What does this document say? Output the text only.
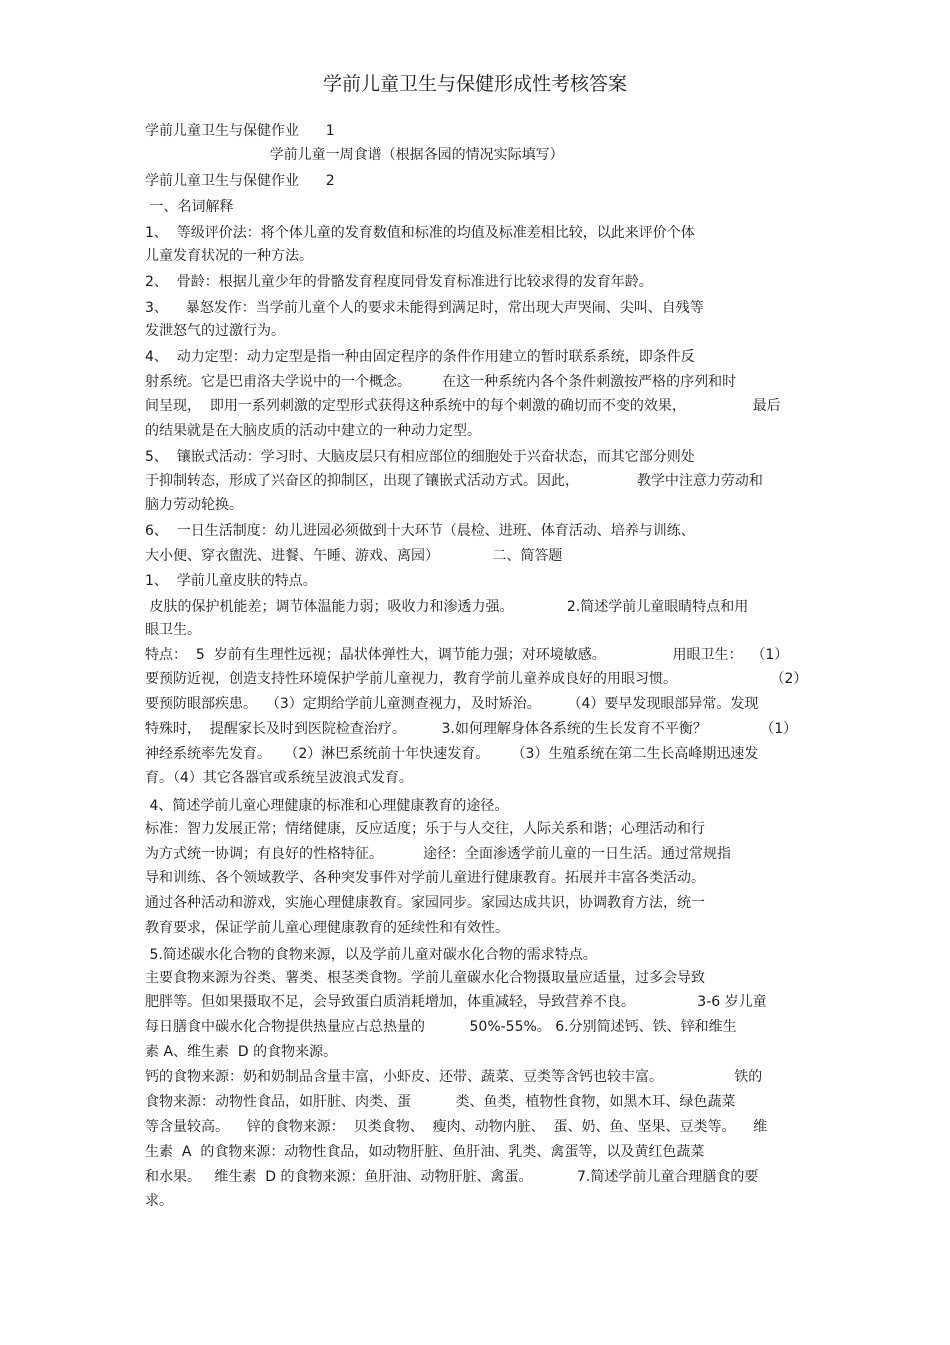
学前儿童卫生与保健形成性考核答案
学前儿童卫生与保健作业      1
学前儿童一周食谱（根据各园的情况实际填写）
学前儿童卫生与保健作业      2
一、名词解释
1、  等级评价法：将个体儿童的发育数值和标准的均值及标准差相比较，以此来评价个体
儿童发育状况的一种方法。
2、  骨龄：根据儿童少年的骨骼发育程度同骨发育标准进行比较求得的发育年龄。
3、    暴怒发作：当学前儿童个人的要求未能得到满足时，常出现大声哭闹、尖叫、自残等
发泄怒气的过激行为。
4、  动力定型：动力定型是指一种由固定程序的条件作用建立的暂时联系系统，即条件反
射系统。它是巴甫洛夫学说中的一个概念。       在这一种系统内各个条件刺激按严格的序列和时
间呈现，  即用一系列刺激的定型形式获得这种系统中的每个刺激的确切而不变的效果，               最后
的结果就是在大脑皮质的活动中建立的一种动力定型。
5、  镶嵌式活动：学习时、大脑皮层只有相应部位的细胞处于兴奋状态，而其它部分则处
于抑制转态，形成了兴奋区的抑制区，出现了镶嵌式活动方式。因此，             教学中注意力劳动和
脑力劳动轮换。
6、  一日生活制度：幼儿进园必须做到十大环节（晨检、进班、体育活动、培养与训练、
大小便、穿衣盥洗、进餐、午睡、游戏、离园）            二、简答题
1、  学前儿童皮肤的特点。
皮肤的保护机能差；调节体温能力弱；吸收力和渗透力强。            2.简述学前儿童眼睛特点和用
眼卫生。
特点：  5  岁前有生理性远视；晶状体弹性大，调节能力强；对环境敏感。               用眼卫生：  （1）
要预防近视，创造支持性环境保护学前儿童视力，教育学前儿童养成良好的用眼习惯。                     （2）
要预防眼部疾患。  （3）定期给学前儿童测查视力，及时矫治。      （4）要早发现眼部异常。发现
特殊时，  提醒家长及时到医院检查治疗。        3.如何理解身体各系统的生长发育不平衡？            （1）
神经系统率先发育。   （2）淋巴系统前十年快速发育。     （3）生殖系统在第二生长高峰期迅速发
育。（4）其它各器官或系统呈波浪式发育。
4、简述学前儿童心理健康的标准和心理健康教育的途径。
标准：智力发展正常；情绪健康，反应适度；乐于与人交往，人际关系和谐；心理活动和行
为方式统一协调；有良好的性格特征。         途径：全面渗透学前儿童的一日生活。通过常规指
导和训练、各个领域教学、各种突发事件对学前儿童进行健康教育。拓展并丰富各类活动。
通过各种活动和游戏，实施心理健康教育。家园同步。家园达成共识，协调教育方法，统一
教育要求，保证学前儿童心理健康教育的延续性和有效性。
5.简述碳水化合物的食物来源，以及学前儿童对碳水化合物的需求特点。
主要食物来源为谷类、薯类、根茎类食物。学前儿童碳水化合物摄取量应适量，过多会导致
肥胖等。但如果摄取不足，会导致蛋白质消耗增加，体重减轻，导致营养不良。              3-6 岁儿童
每日膳食中碳水化合物提供热量应占总热量的          50%-55%。 6.分别简述钙、铁、锌和维生
素 A、维生素  D 的食物来源。
钙的食物来源：奶和奶制品含量丰富，小虾皮、还带、蔬菜、豆类等含钙也较丰富。                铁的
食物来源：动物性食品，如肝脏、肉类、蛋          类、鱼类，植物性食物，如黑木耳、绿色蔬菜
等含量较高。    锌的食物来源：  贝类食物、  瘦肉、动物内脏、  蛋、奶、鱼、坚果、豆类等。    维
生素  A  的食物来源：动物性食品，如动物肝脏、鱼肝油、乳类、禽蛋等，以及黄红色蔬菜
和水果。   维生素  D 的食物来源：鱼肝油、动物肝脏、禽蛋。          7.简述学前儿童合理膳食的要
求。
